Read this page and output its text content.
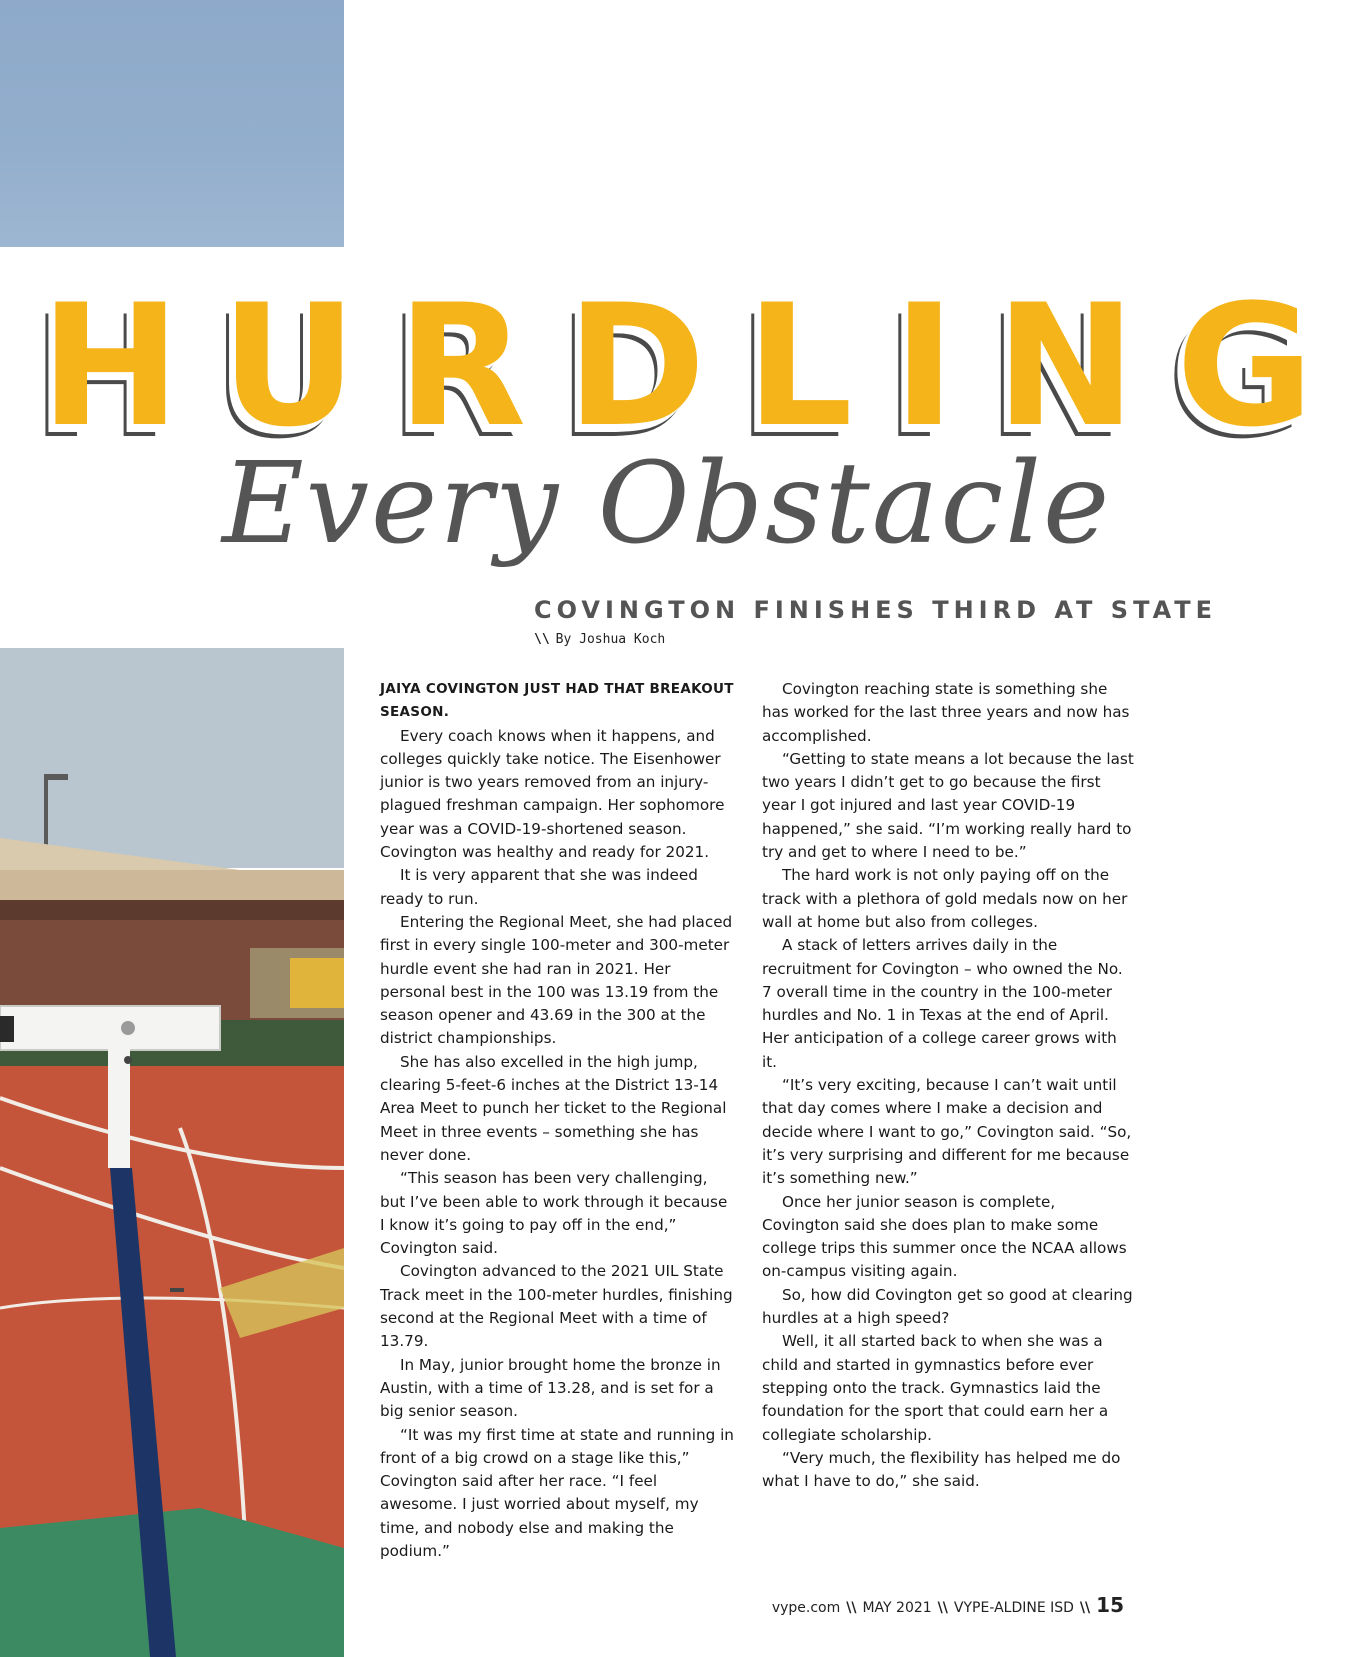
HURDLING
Every Obstacle
COVINGTON FINISHES THIRD AT STATE
\\ By Joshua Koch

JAIYA COVINGTON JUST HAD THAT BREAKOUT SEASON.

Every coach knows when it happens, and colleges quickly take notice. The Eisenhower junior is two years removed from an injury-plagued freshman campaign. Her sophomore year was a COVID-19-shortened season. Covington was healthy and ready for 2021.

It is very apparent that she was indeed ready to run.

Entering the Regional Meet, she had placed first in every single 100-meter and 300-meter hurdle event she had ran in 2021. Her personal best in the 100 was 13.19 from the season opener and 43.69 in the 300 at the district championships.

She has also excelled in the high jump, clearing 5-feet-6 inches at the District 13-14 Area Meet to punch her ticket to the Regional Meet in three events – something she has never done.

“This season has been very challenging, but I’ve been able to work through it because I know it’s going to pay off in the end,” Covington said.

Covington advanced to the 2021 UIL State Track meet in the 100-meter hurdles, finishing second at the Regional Meet with a time of 13.79.

In May, junior brought home the bronze in Austin, with a time of 13.28, and is set for a big senior season.

“It was my first time at state and running in front of a big crowd on a stage like this,” Covington said after her race. “I feel awesome. I just worried about myself, my time, and nobody else and making the podium.”

Covington reaching state is something she has worked for the last three years and now has accomplished.

“Getting to state means a lot because the last two years I didn’t get to go because the first year I got injured and last year COVID-19 happened,” she said. “I’m working really hard to try and get to where I need to be.”

The hard work is not only paying off on the track with a plethora of gold medals now on her wall at home but also from colleges.

A stack of letters arrives daily in the recruitment for Covington – who owned the No. 7 overall time in the country in the 100-meter hurdles and No. 1 in Texas at the end of April. Her anticipation of a college career grows with it.

“It’s very exciting, because I can’t wait until that day comes where I make a decision and decide where I want to go,” Covington said. “So, it’s very surprising and different for me because it’s something new.”

Once her junior season is complete, Covington said she does plan to make some college trips this summer once the NCAA allows on-campus visiting again.

So, how did Covington get so good at clearing hurdles at a high speed?

Well, it all started back to when she was a child and started in gymnastics before ever stepping onto the track. Gymnastics laid the foundation for the sport that could earn her a collegiate scholarship.

“Very much, the flexibility has helped me do what I have to do,” she said.

vype.com \\ MAY 2021 \\ VYPE-ALDINE ISD \\ 15
